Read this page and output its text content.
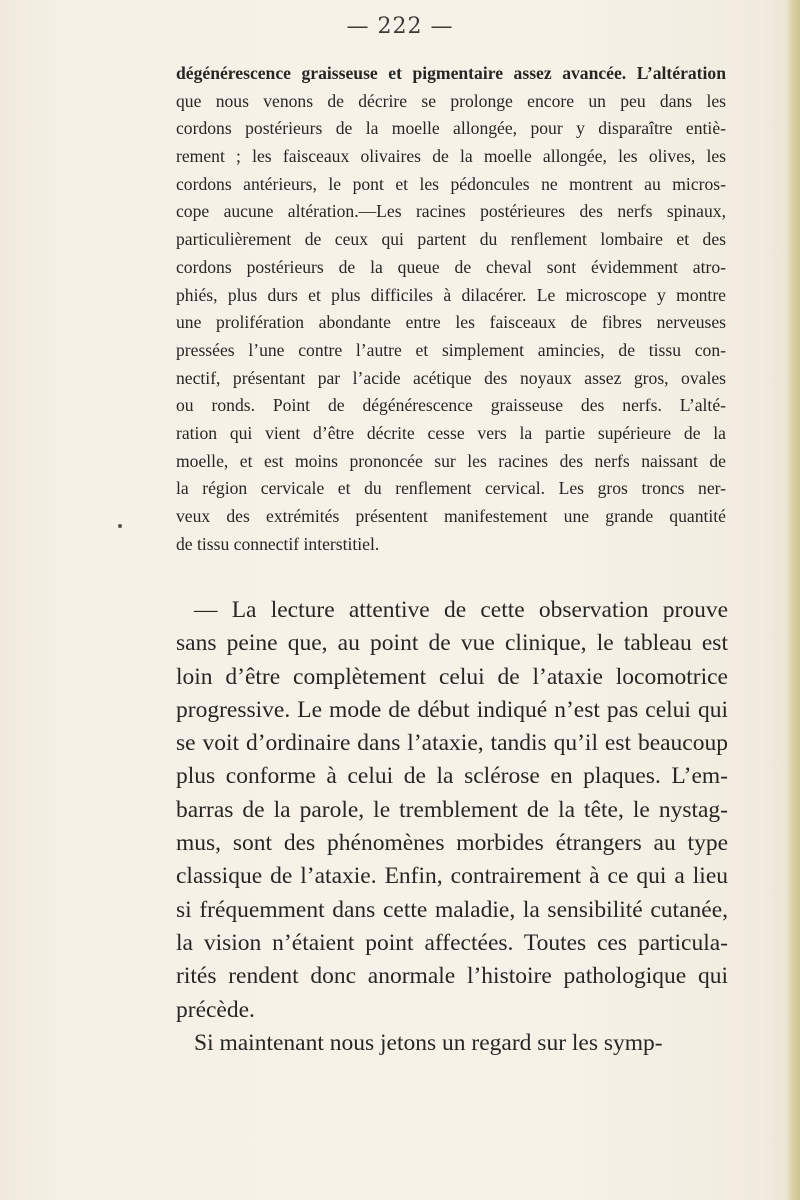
— 222 —
dégénérescence graisseuse et pigmentaire assez avancée. L’altération
que nous venons de décrire se prolonge encore un peu dans les
cordons postérieurs de la moelle allongée, pour y disparaître entiè-
rement ; les faisceaux olivaires de la moelle allongée, les olives, les
cordons antérieurs, le pont et les pédoncules ne montrent au micros-
cope aucune altération.—Les racines postérieures des nerfs spinaux,
particulièrement de ceux qui partent du renflement lombaire et des
cordons postérieurs de la queue de cheval sont évidemment atro-
phiés, plus durs et plus difficiles à dilacérer. Le microscope y montre
une prolifération abondante entre les faisceaux de fibres nerveuses
pressées l’une contre l’autre et simplement amincies, de tissu con-
nectif, présentant par l’acide acétique des noyaux assez gros, ovales
ou ronds. Point de dégénérescence graisseuse des nerfs. L’alté-
ration qui vient d’être décrite cesse vers la partie supérieure de la
moelle, et est moins prononcée sur les racines des nerfs naissant de
la région cervicale et du renflement cervical. Les gros troncs ner-
veux des extrémités présentent manifestement une grande quantité
de tissu connectif interstitiel.
— La lecture attentive de cette observation prouve
sans peine que, au point de vue clinique, le tableau est
loin d’être complètement celui de l’ataxie locomotrice
progressive. Le mode de début indiqué n’est pas celui qui
se voit d’ordinaire dans l’ataxie, tandis qu’il est beaucoup
plus conforme à celui de la sclérose en plaques. L’em-
barras de la parole, le tremblement de la tête, le nystag-
mus, sont des phénomènes morbides étrangers au type
classique de l’ataxie. Enfin, contrairement à ce qui a lieu
si fréquemment dans cette maladie, la sensibilité cutanée,
la vision n’étaient point affectées. Toutes ces particula-
rités rendent donc anormale l’histoire pathologique qui
précède.
Si maintenant nous jetons un regard sur les symp-
